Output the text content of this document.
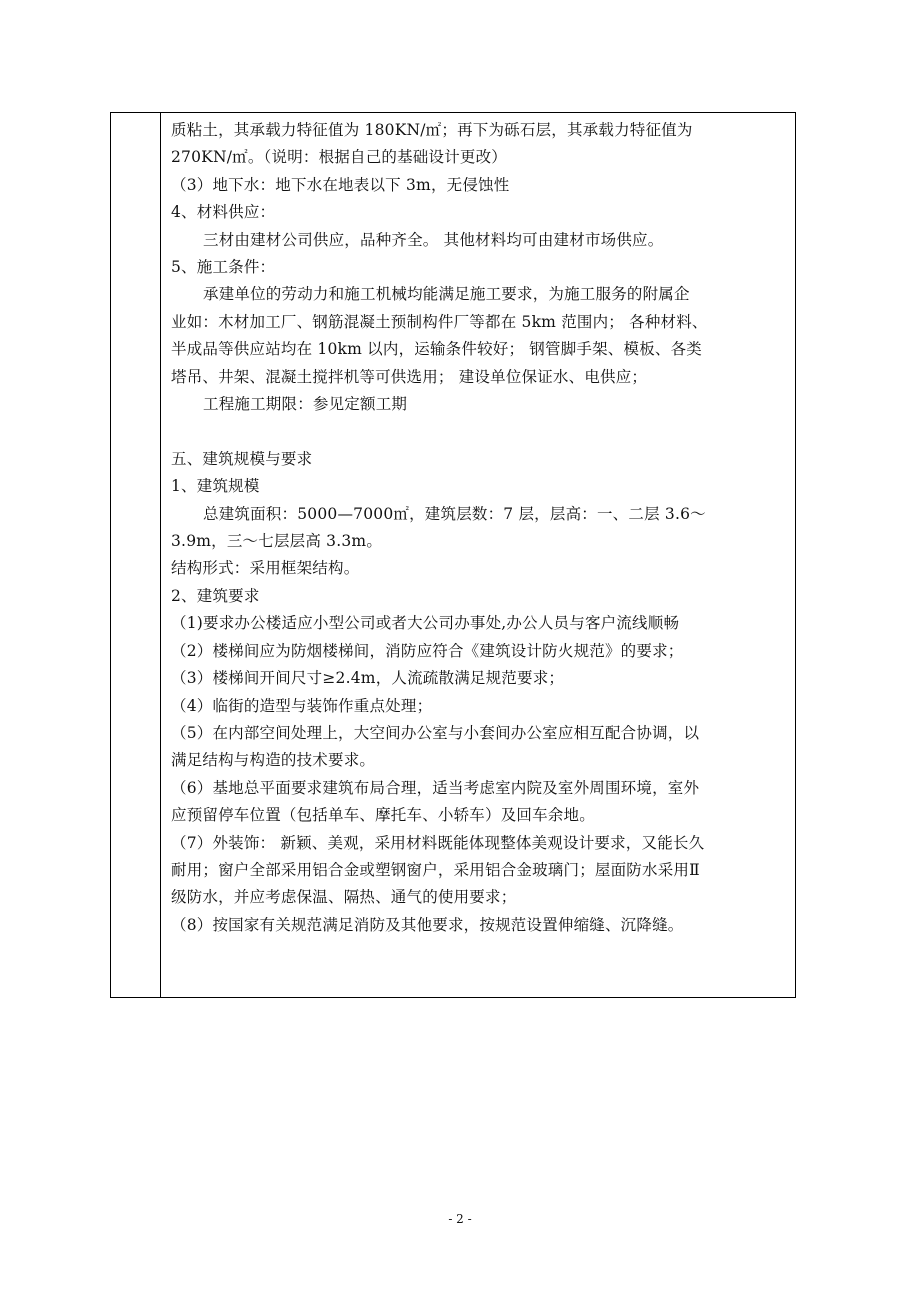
质粘土，其承载力特征值为 180KN/㎡；再下为砾石层，其承载力特征值为
270KN/㎡。（说明：根据自己的基础设计更改）
（3）地下水：地下水在地表以下 3m，无侵蚀性
4、材料供应：
三材由建材公司供应，品种齐全。 其他材料均可由建材市场供应。
5、施工条件：
承建单位的劳动力和施工机械均能满足施工要求，为施工服务的附属企
业如：木材加工厂、钢筋混凝土预制构件厂等都在 5km 范围内； 各种材料、
半成品等供应站均在 10km 以内，运输条件较好； 钢管脚手架、模板、各类
塔吊、井架、混凝土搅拌机等可供选用； 建设单位保证水、电供应；
工程施工期限：参见定额工期
五、建筑规模与要求
1、建筑规模
总建筑面积：5000—7000㎡，建筑层数：7 层，层高：一、二层 3.6～
3.9m，三～七层层高 3.3m。
结构形式：采用框架结构。
2、建筑要求
（1)要求办公楼适应小型公司或者大公司办事处,办公人员与客户流线顺畅
（2）楼梯间应为防烟楼梯间，消防应符合《建筑设计防火规范》的要求；
（3）楼梯间开间尺寸≥2.4m，人流疏散满足规范要求；
（4）临街的造型与装饰作重点处理；
（5）在内部空间处理上，大空间办公室与小套间办公室应相互配合协调，以
满足结构与构造的技术要求。
（6）基地总平面要求建筑布局合理，适当考虑室内院及室外周围环境，室外
应预留停车位置（包括单车、摩托车、小轿车）及回车余地。
（7）外装饰： 新颖、美观，采用材料既能体现整体美观设计要求，又能长久
耐用；窗户全部采用铝合金或塑钢窗户，采用铝合金玻璃门；屋面防水采用Ⅱ
级防水，并应考虑保温、隔热、通气的使用要求；
（8）按国家有关规范满足消防及其他要求，按规范设置伸缩缝、沉降缝。
- 2 -
